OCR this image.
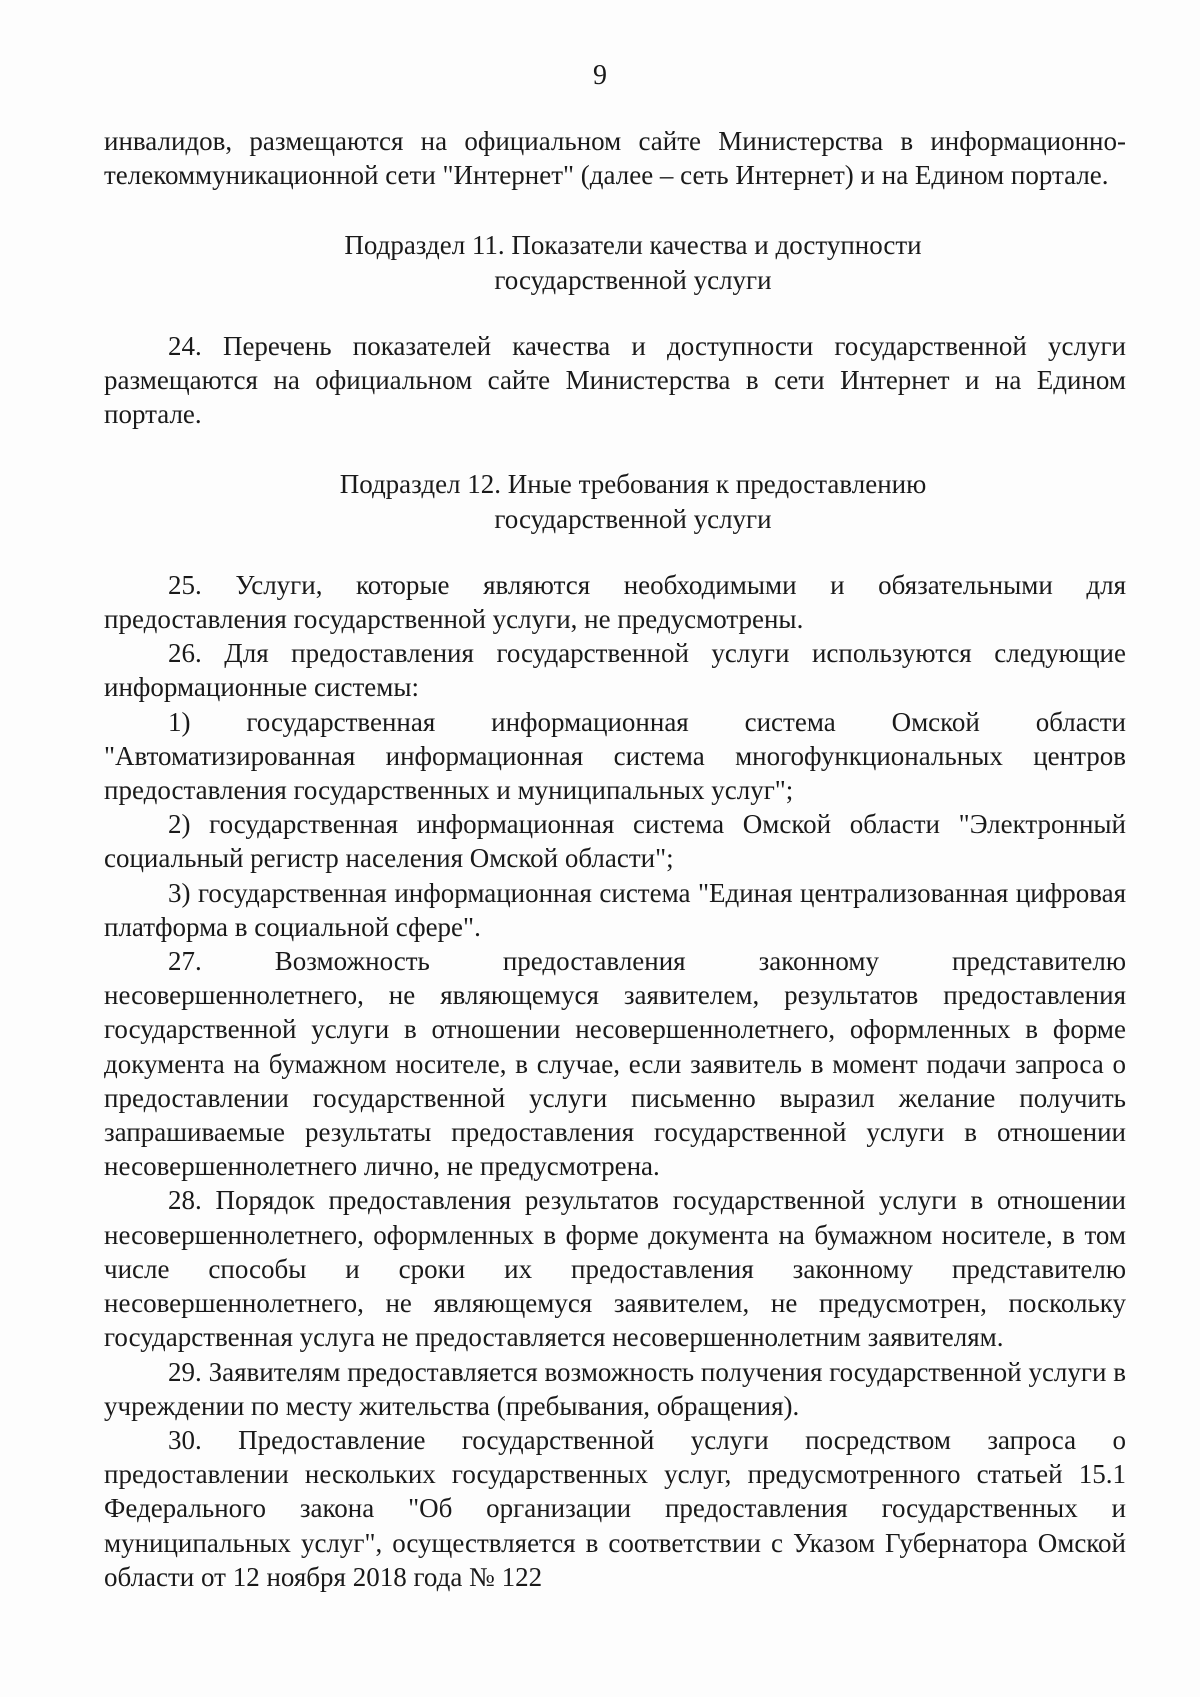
9

инвалидов, размещаются на официальном сайте Министерства в информационно-телекоммуникационной сети "Интернет" (далее – сеть Интернет) и на Едином портале.

Подраздел 11. Показатели качества и доступности
государственной услуги

24. Перечень показателей качества и доступности государственной услуги размещаются на официальном сайте Министерства в сети Интернет и на Едином портале.

Подраздел 12. Иные требования к предоставлению
государственной услуги

25. Услуги, которые являются необходимыми и обязательными для предоставления государственной услуги, не предусмотрены.

26. Для предоставления государственной услуги используются следующие информационные системы:

1) государственная информационная система Омской области "Автоматизированная информационная система многофункциональных центров предоставления государственных и муниципальных услуг";

2) государственная информационная система Омской области "Электронный социальный регистр населения Омской области";

3) государственная информационная система "Единая централизованная цифровая платформа в социальной сфере".

27. Возможность предоставления законному представителю несовершеннолетнего, не являющемуся заявителем, результатов предоставления государственной услуги в отношении несовершеннолетнего, оформленных в форме документа на бумажном носителе, в случае, если заявитель в момент подачи запроса о предоставлении государственной услуги письменно выразил желание получить запрашиваемые результаты предоставления государственной услуги в отношении несовершеннолетнего лично, не предусмотрена.

28. Порядок предоставления результатов государственной услуги в отношении несовершеннолетнего, оформленных в форме документа на бумажном носителе, в том числе способы и сроки их предоставления законному представителю несовершеннолетнего, не являющемуся заявителем, не предусмотрен, поскольку государственная услуга не предоставляется несовершеннолетним заявителям.

29. Заявителям предоставляется возможность получения государственной услуги в учреждении по месту жительства (пребывания, обращения).

30. Предоставление государственной услуги посредством запроса о предоставлении нескольких государственных услуг, предусмотренного статьей 15.1 Федерального закона "Об организации предоставления государственных и муниципальных услуг", осуществляется в соответствии с Указом Губернатора Омской области от 12 ноября 2018 года № 122
